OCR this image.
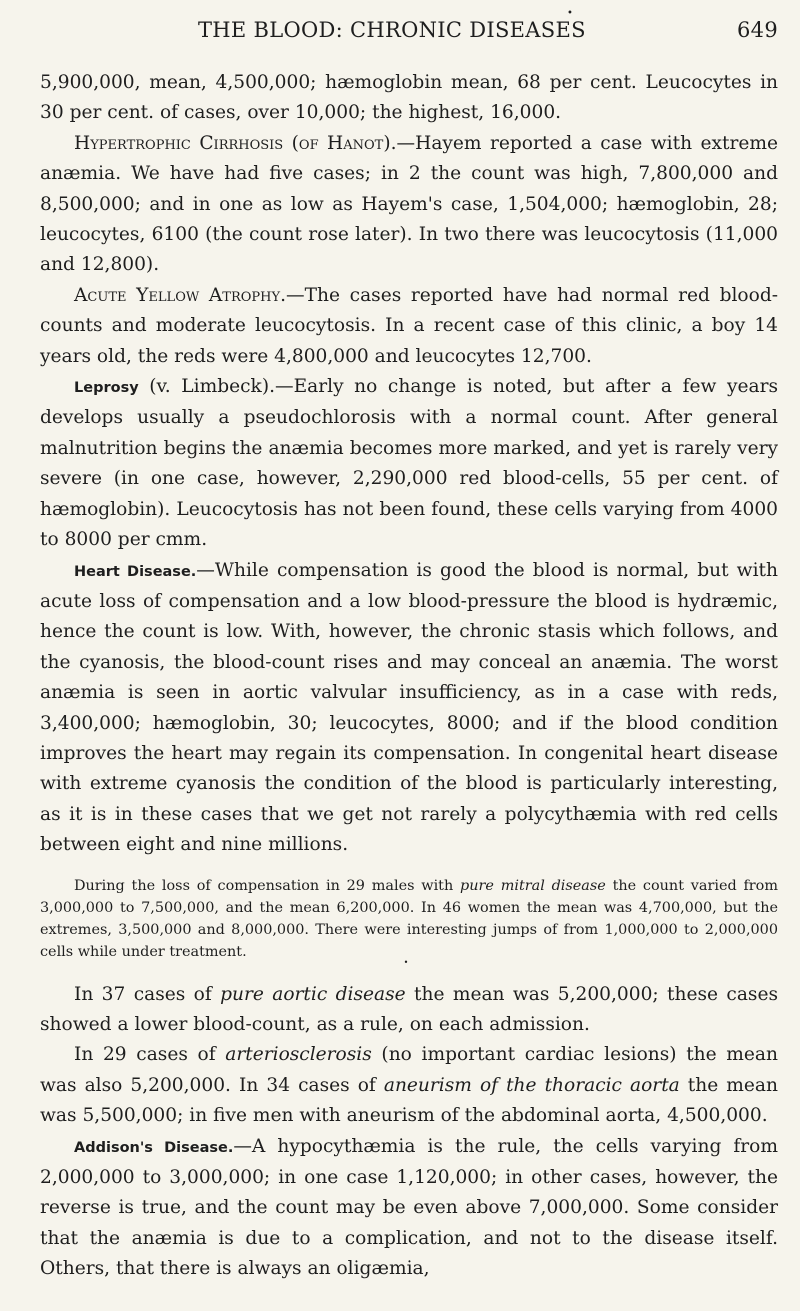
•
THE BLOOD: CHRONIC DISEASES	649

5,900,000, mean, 4,500,000; hæmoglobin mean, 68 per cent. Leucocytes in 30 per cent. of cases, over 10,000; the highest, 16,000.

Hypertrophic Cirrhosis (of Hanot).—Hayem reported a case with extreme anæmia. We have had five cases; in 2 the count was high, 7,800,000 and 8,500,000; and in one as low as Hayem's case, 1,504,000; hæmoglobin, 28; leucocytes, 6100 (the count rose later). In two there was leucocytosis (11,000 and 12,800).

Acute Yellow Atrophy.—The cases reported have had normal red blood-counts and moderate leucocytosis. In a recent case of this clinic, a boy 14 years old, the reds were 4,800,000 and leucocytes 12,700.

Leprosy (v. Limbeck).—Early no change is noted, but after a few years develops usually a pseudochlorosis with a normal count. After general malnutrition begins the anæmia becomes more marked, and yet is rarely very severe (in one case, however, 2,290,000 red blood-cells, 55 per cent. of hæmoglobin). Leucocytosis has not been found, these cells varying from 4000 to 8000 per cmm.

Heart Disease.—While compensation is good the blood is normal, but with acute loss of compensation and a low blood-pressure the blood is hydræmic, hence the count is low. With, however, the chronic stasis which follows, and the cyanosis, the blood-count rises and may conceal an anæmia. The worst anæmia is seen in aortic valvular insufficiency, as in a case with reds, 3,400,000; hæmoglobin, 30; leucocytes, 8000; and if the blood condition improves the heart may regain its compensation. In congenital heart disease with extreme cyanosis the condition of the blood is particularly interesting, as it is in these cases that we get not rarely a polycythæmia with red cells between eight and nine millions.

During the loss of compensation in 29 males with pure mitral disease the count varied from 3,000,000 to 7,500,000, and the mean 6,200,000. In 46 women the mean was 4,700,000, but the extremes, 3,500,000 and 8,000,000. There were interesting jumps of from 1,000,000 to 2,000,000 cells while under treatment.
•

In 37 cases of pure aortic disease the mean was 5,200,000; these cases showed a lower blood-count, as a rule, on each admission.

In 29 cases of arteriosclerosis (no important cardiac lesions) the mean was also 5,200,000. In 34 cases of aneurism of the thoracic aorta the mean was 5,500,000; in five men with aneurism of the abdominal aorta, 4,500,000.

Addison's Disease.—A hypocythæmia is the rule, the cells varying from 2,000,000 to 3,000,000; in one case 1,120,000; in other cases, however, the reverse is true, and the count may be even above 7,000,000. Some consider that the anæmia is due to a complication, and not to the disease itself. Others, that there is always an oligæmia,
